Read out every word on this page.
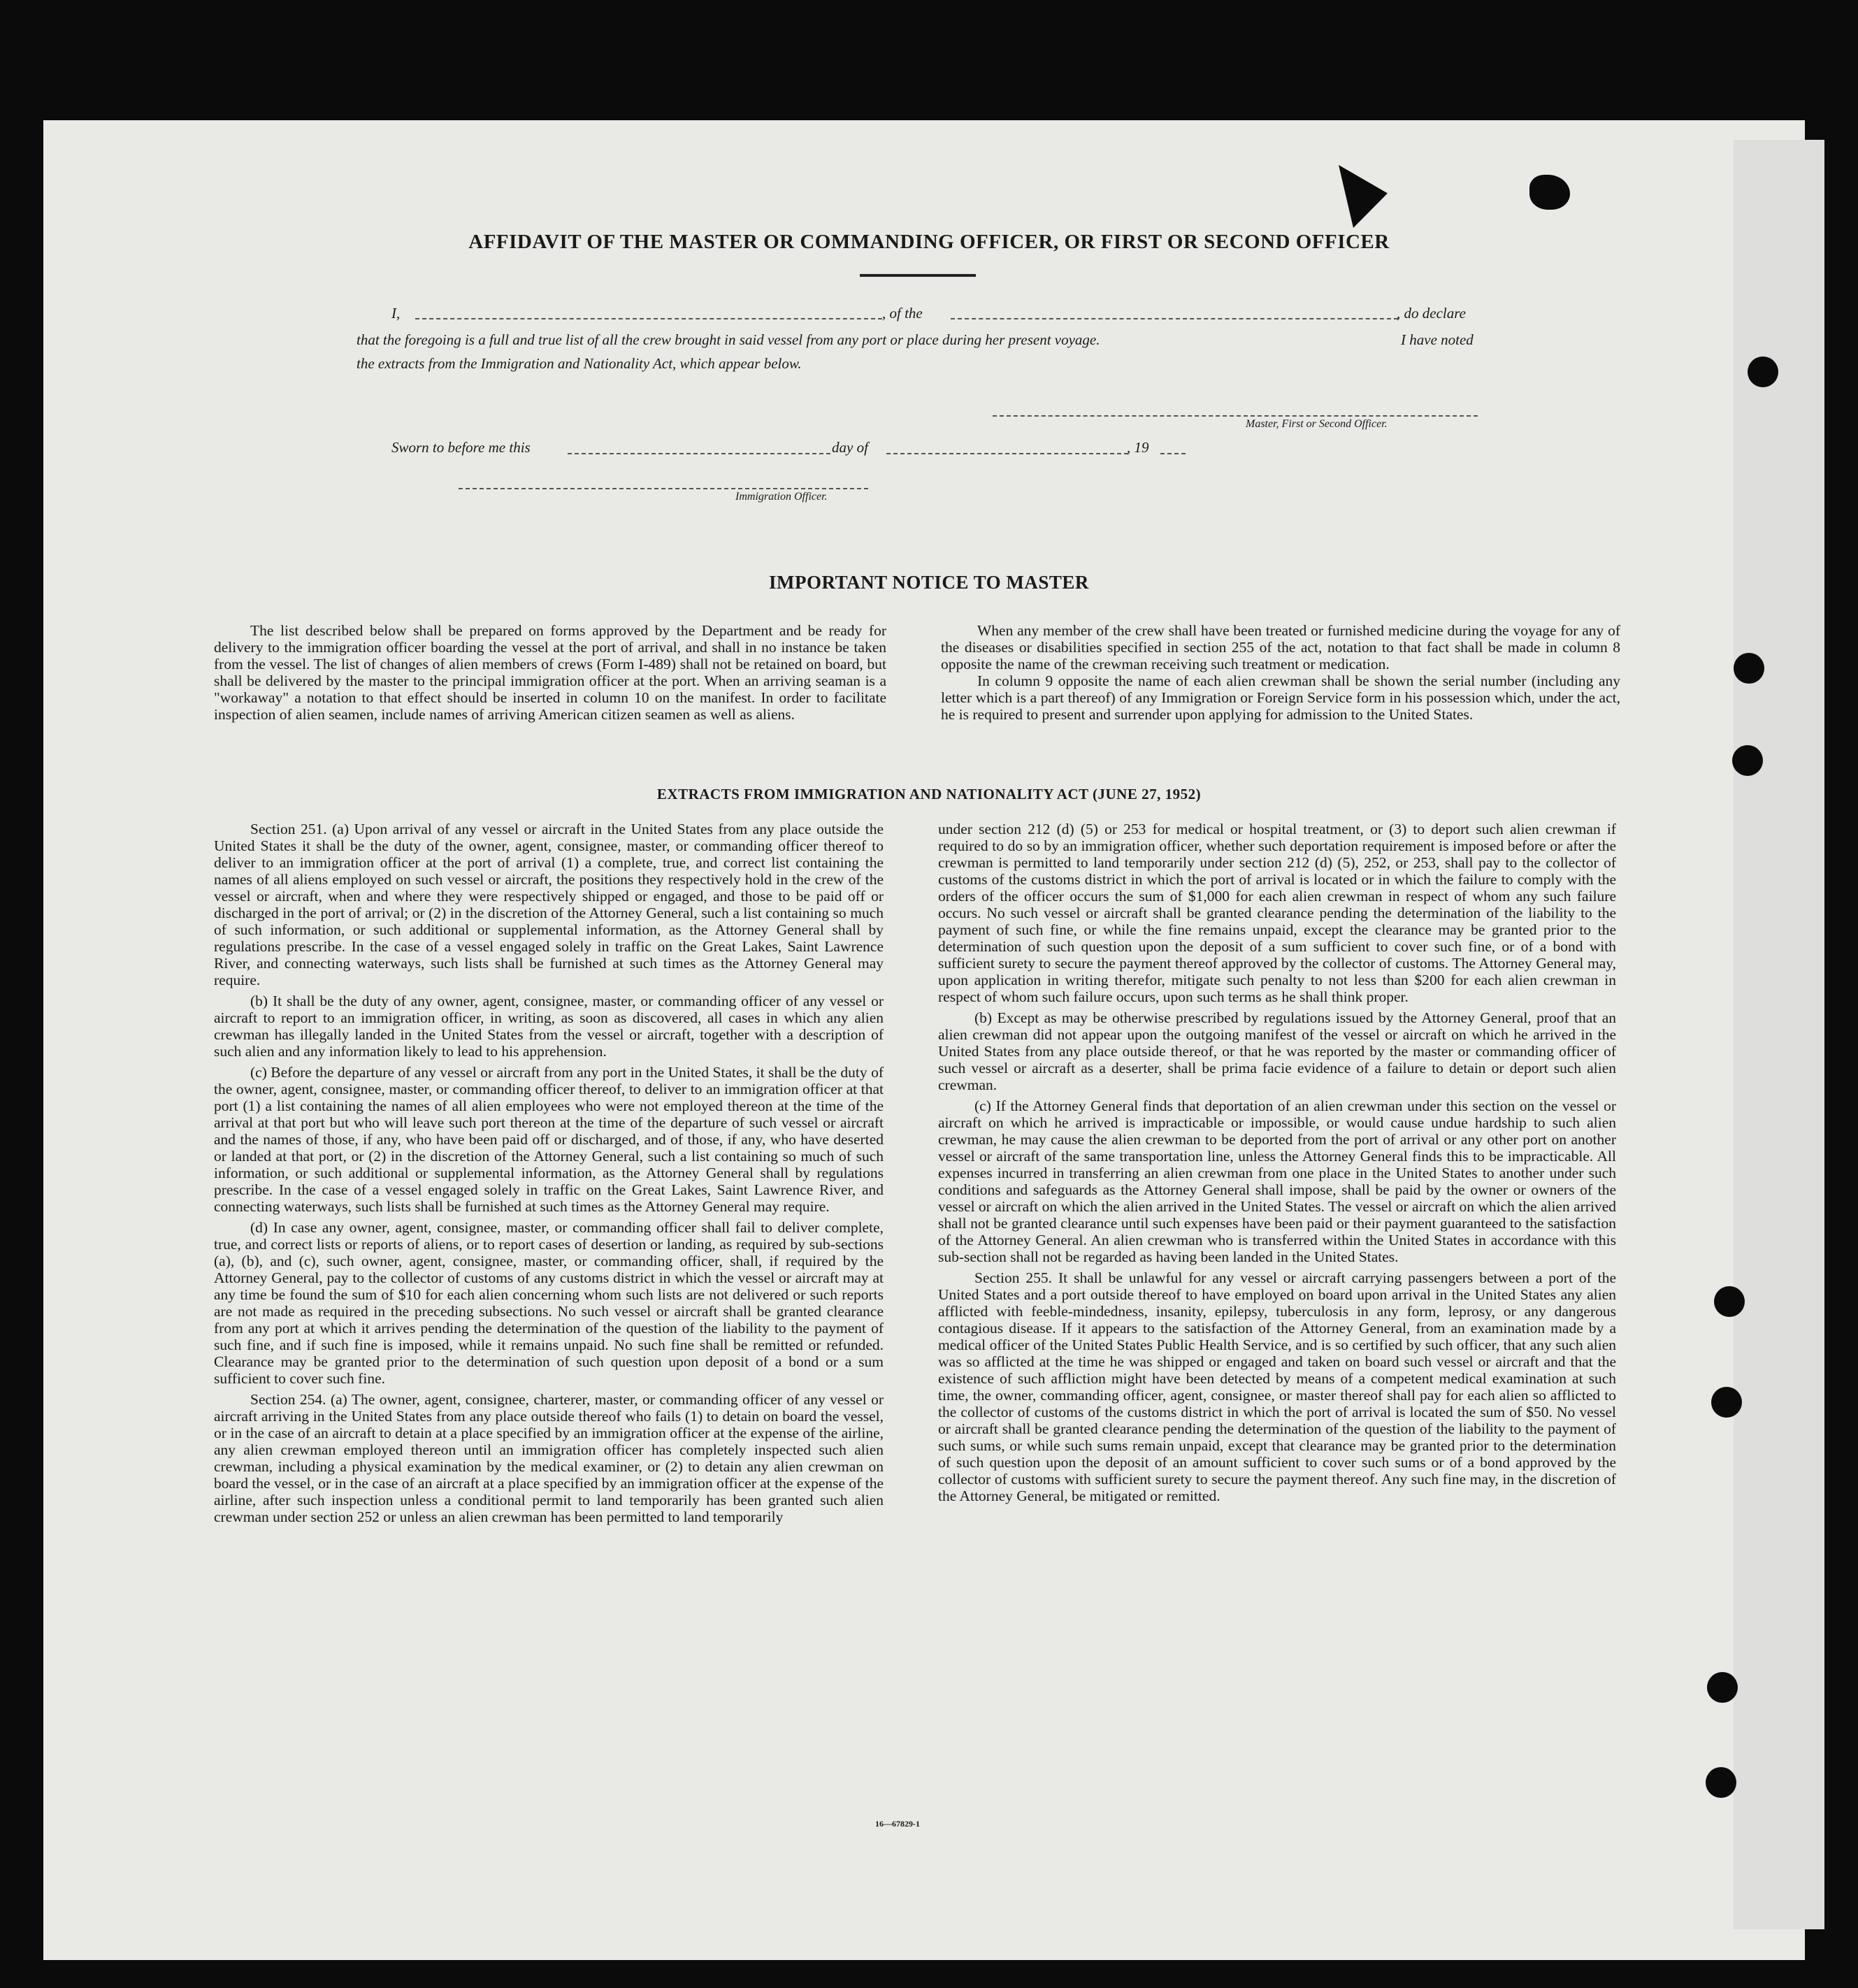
AFFIDAVIT OF THE MASTER OR COMMANDING OFFICER, OR FIRST OR SECOND OFFICER
I,	, of the	, do declare
that the foregoing is a full and true list of all the crew brought in said vessel from any port or place during her present voyage.	I have noted
the extracts from the Immigration and Nationality Act, which appear below.
Master, First or Second Officer.
Sworn to before me this	day of	, 19
Immigration Officer.
IMPORTANT NOTICE TO MASTER

The list described below shall be prepared on forms approved by the Department and be ready for delivery to the immigration officer boarding the vessel at the port of arrival, and shall in no instance be taken from the vessel. The list of changes of alien members of crews (Form I-489) shall not be retained on board, but shall be delivered by the master to the principal immigration officer at the port. When an arriving seaman is a "workaway" a notation to that effect should be inserted in column 10 on the manifest. In order to facilitate inspection of alien seamen, include names of arriving American citizen seamen as well as aliens.

When any member of the crew shall have been treated or furnished medicine during the voyage for any of the diseases or disabilities specified in section 255 of the act, notation to that fact shall be made in column 8 opposite the name of the crewman receiving such treatment or medication.

In column 9 opposite the name of each alien crewman shall be shown the serial number (including any letter which is a part thereof) of any Immigration or Foreign Service form in his possession which, under the act, he is required to present and surrender upon applying for admission to the United States.

EXTRACTS FROM IMMIGRATION AND NATIONALITY ACT (JUNE 27, 1952)

Section 251. (a) Upon arrival of any vessel or aircraft in the United States from any place outside the United States it shall be the duty of the owner, agent, consignee, master, or commanding officer thereof to deliver to an immigration officer at the port of arrival (1) a complete, true, and correct list containing the names of all aliens employed on such vessel or aircraft, the positions they respectively hold in the crew of the vessel or aircraft, when and where they were respectively shipped or engaged, and those to be paid off or discharged in the port of arrival; or (2) in the discretion of the Attorney General, such a list containing so much of such information, or such additional or supplemental information, as the Attorney General shall by regulations prescribe. In the case of a vessel engaged solely in traffic on the Great Lakes, Saint Lawrence River, and connecting waterways, such lists shall be furnished at such times as the Attorney General may require.

(b) It shall be the duty of any owner, agent, consignee, master, or commanding officer of any vessel or aircraft to report to an immigration officer, in writing, as soon as discovered, all cases in which any alien crewman has illegally landed in the United States from the vessel or aircraft, together with a description of such alien and any information likely to lead to his apprehension.

(c) Before the departure of any vessel or aircraft from any port in the United States, it shall be the duty of the owner, agent, consignee, master, or commanding officer thereof, to deliver to an immigration officer at that port (1) a list containing the names of all alien employees who were not employed thereon at the time of the arrival at that port but who will leave such port thereon at the time of the departure of such vessel or aircraft and the names of those, if any, who have been paid off or discharged, and of those, if any, who have deserted or landed at that port, or (2) in the discretion of the Attorney General, such a list containing so much of such information, or such additional or supplemental information, as the Attorney General shall by regulations prescribe. In the case of a vessel engaged solely in traffic on the Great Lakes, Saint Lawrence River, and connecting waterways, such lists shall be furnished at such times as the Attorney General may require.

(d) In case any owner, agent, consignee, master, or commanding officer shall fail to deliver complete, true, and correct lists or reports of aliens, or to report cases of desertion or landing, as required by sub-sections (a), (b), and (c), such owner, agent, consignee, master, or commanding officer, shall, if required by the Attorney General, pay to the collector of customs of any customs district in which the vessel or aircraft may at any time be found the sum of $10 for each alien concerning whom such lists are not delivered or such reports are not made as required in the preceding subsections. No such vessel or aircraft shall be granted clearance from any port at which it arrives pending the determination of the question of the liability to the payment of such fine, and if such fine is imposed, while it remains unpaid. No such fine shall be remitted or refunded. Clearance may be granted prior to the determination of such question upon deposit of a bond or a sum sufficient to cover such fine.

Section 254. (a) The owner, agent, consignee, charterer, master, or commanding officer of any vessel or aircraft arriving in the United States from any place outside thereof who fails (1) to detain on board the vessel, or in the case of an aircraft to detain at a place specified by an immigration officer at the expense of the airline, any alien crewman employed thereon until an immigration officer has completely inspected such alien crewman, including a physical examination by the medical examiner, or (2) to detain any alien crewman on board the vessel, or in the case of an aircraft at a place specified by an immigration officer at the expense of the airline, after such inspection unless a conditional permit to land temporarily has been granted such alien crewman under section 252 or unless an alien crewman has been permitted to land temporarily

under section 212 (d) (5) or 253 for medical or hospital treatment, or (3) to deport such alien crewman if required to do so by an immigration officer, whether such deportation requirement is imposed before or after the crewman is permitted to land temporarily under section 212 (d) (5), 252, or 253, shall pay to the collector of customs of the customs district in which the port of arrival is located or in which the failure to comply with the orders of the officer occurs the sum of $1,000 for each alien crewman in respect of whom any such failure occurs. No such vessel or aircraft shall be granted clearance pending the determination of the liability to the payment of such fine, or while the fine remains unpaid, except the clearance may be granted prior to the determination of such question upon the deposit of a sum sufficient to cover such fine, or of a bond with sufficient surety to secure the payment thereof approved by the collector of customs. The Attorney General may, upon application in writing therefor, mitigate such penalty to not less than $200 for each alien crewman in respect of whom such failure occurs, upon such terms as he shall think proper.

(b) Except as may be otherwise prescribed by regulations issued by the Attorney General, proof that an alien crewman did not appear upon the outgoing manifest of the vessel or aircraft on which he arrived in the United States from any place outside thereof, or that he was reported by the master or commanding officer of such vessel or aircraft as a deserter, shall be prima facie evidence of a failure to detain or deport such alien crewman.

(c) If the Attorney General finds that deportation of an alien crewman under this section on the vessel or aircraft on which he arrived is impracticable or impossible, or would cause undue hardship to such alien crewman, he may cause the alien crewman to be deported from the port of arrival or any other port on another vessel or aircraft of the same transportation line, unless the Attorney General finds this to be impracticable. All expenses incurred in transferring an alien crewman from one place in the United States to another under such conditions and safeguards as the Attorney General shall impose, shall be paid by the owner or owners of the vessel or aircraft on which the alien arrived in the United States. The vessel or aircraft on which the alien arrived shall not be granted clearance until such expenses have been paid or their payment guaranteed to the satisfaction of the Attorney General. An alien crewman who is transferred within the United States in accordance with this sub-section shall not be regarded as having been landed in the United States.

Section 255. It shall be unlawful for any vessel or aircraft carrying passengers between a port of the United States and a port outside thereof to have employed on board upon arrival in the United States any alien afflicted with feeble-mindedness, insanity, epilepsy, tuberculosis in any form, leprosy, or any dangerous contagious disease. If it appears to the satisfaction of the Attorney General, from an examination made by a medical officer of the United States Public Health Service, and is so certified by such officer, that any such alien was so afflicted at the time he was shipped or engaged and taken on board such vessel or aircraft and that the existence of such affliction might have been detected by means of a competent medical examination at such time, the owner, commanding officer, agent, consignee, or master thereof shall pay for each alien so afflicted to the collector of customs of the customs district in which the port of arrival is located the sum of $50. No vessel or aircraft shall be granted clearance pending the determination of the question of the liability to the payment of such sums, or while such sums remain unpaid, except that clearance may be granted prior to the determination of such question upon the deposit of an amount sufficient to cover such sums or of a bond approved by the collector of customs with sufficient surety to secure the payment thereof. Any such fine may, in the discretion of the Attorney General, be mitigated or remitted.

16—67829-1
